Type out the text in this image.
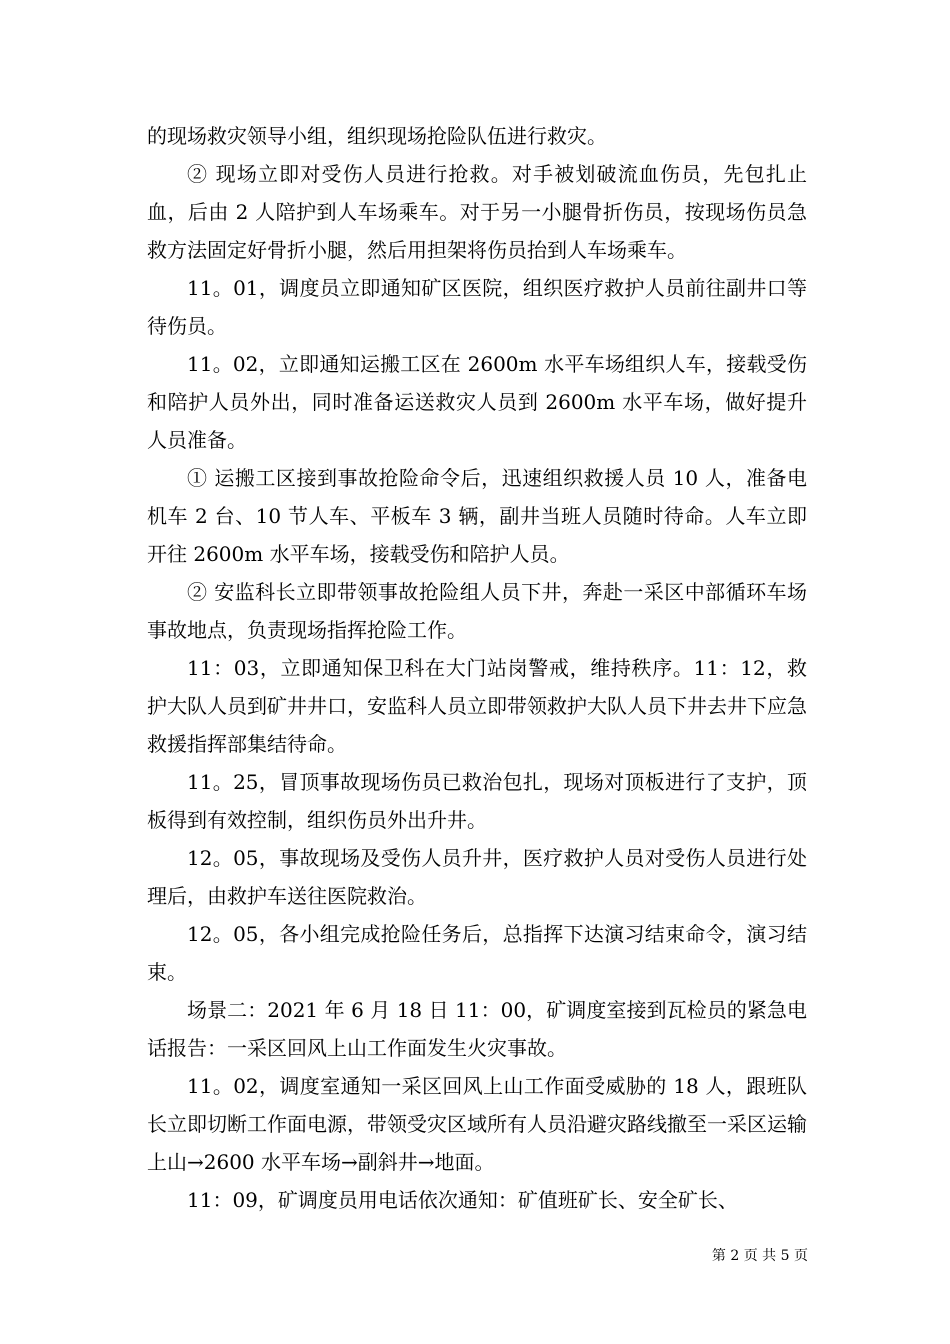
的现场救灾领导小组，组织现场抢险队伍进行救灾。

② 现场立即对受伤人员进行抢救。对手被划破流血伤员，先包扎止血，后由 2 人陪护到人车场乘车。对于另一小腿骨折伤员，按现场伤员急救方法固定好骨折小腿，然后用担架将伤员抬到人车场乘车。

11。01，调度员立即通知矿区医院，组织医疗救护人员前往副井口等待伤员。

11。02，立即通知运搬工区在 2600m 水平车场组织人车，接载受伤和陪护人员外出，同时准备运送救灾人员到 2600m 水平车场，做好提升人员准备。

① 运搬工区接到事故抢险命令后，迅速组织救援人员 10 人，准备电机车 2 台、10 节人车、平板车 3 辆，副井当班人员随时待命。人车立即开往 2600m 水平车场，接载受伤和陪护人员。

② 安监科长立即带领事故抢险组人员下井，奔赴一采区中部循环车场事故地点，负责现场指挥抢险工作。

11：03，立即通知保卫科在大门站岗警戒，维持秩序。11：12，救护大队人员到矿井井口，安监科人员立即带领救护大队人员下井去井下应急救援指挥部集结待命。

11。25，冒顶事故现场伤员已救治包扎，现场对顶板进行了支护，顶板得到有效控制，组织伤员外出升井。

12。05，事故现场及受伤人员升井，医疗救护人员对受伤人员进行处理后，由救护车送往医院救治。

12。05，各小组完成抢险任务后，总指挥下达演习结束命令，演习结束。

场景二：2021 年 6 月 18 日 11：00，矿调度室接到瓦检员的紧急电话报告：一采区回风上山工作面发生火灾事故。

11。02，调度室通知一采区回风上山工作面受威胁的 18 人，跟班队长立即切断工作面电源，带领受灾区域所有人员沿避灾路线撤至一采区运输上山→2600 水平车场→副斜井→地面。

11：09，矿调度员用电话依次通知：矿值班矿长、安全矿长、

第 2 页 共 5 页
